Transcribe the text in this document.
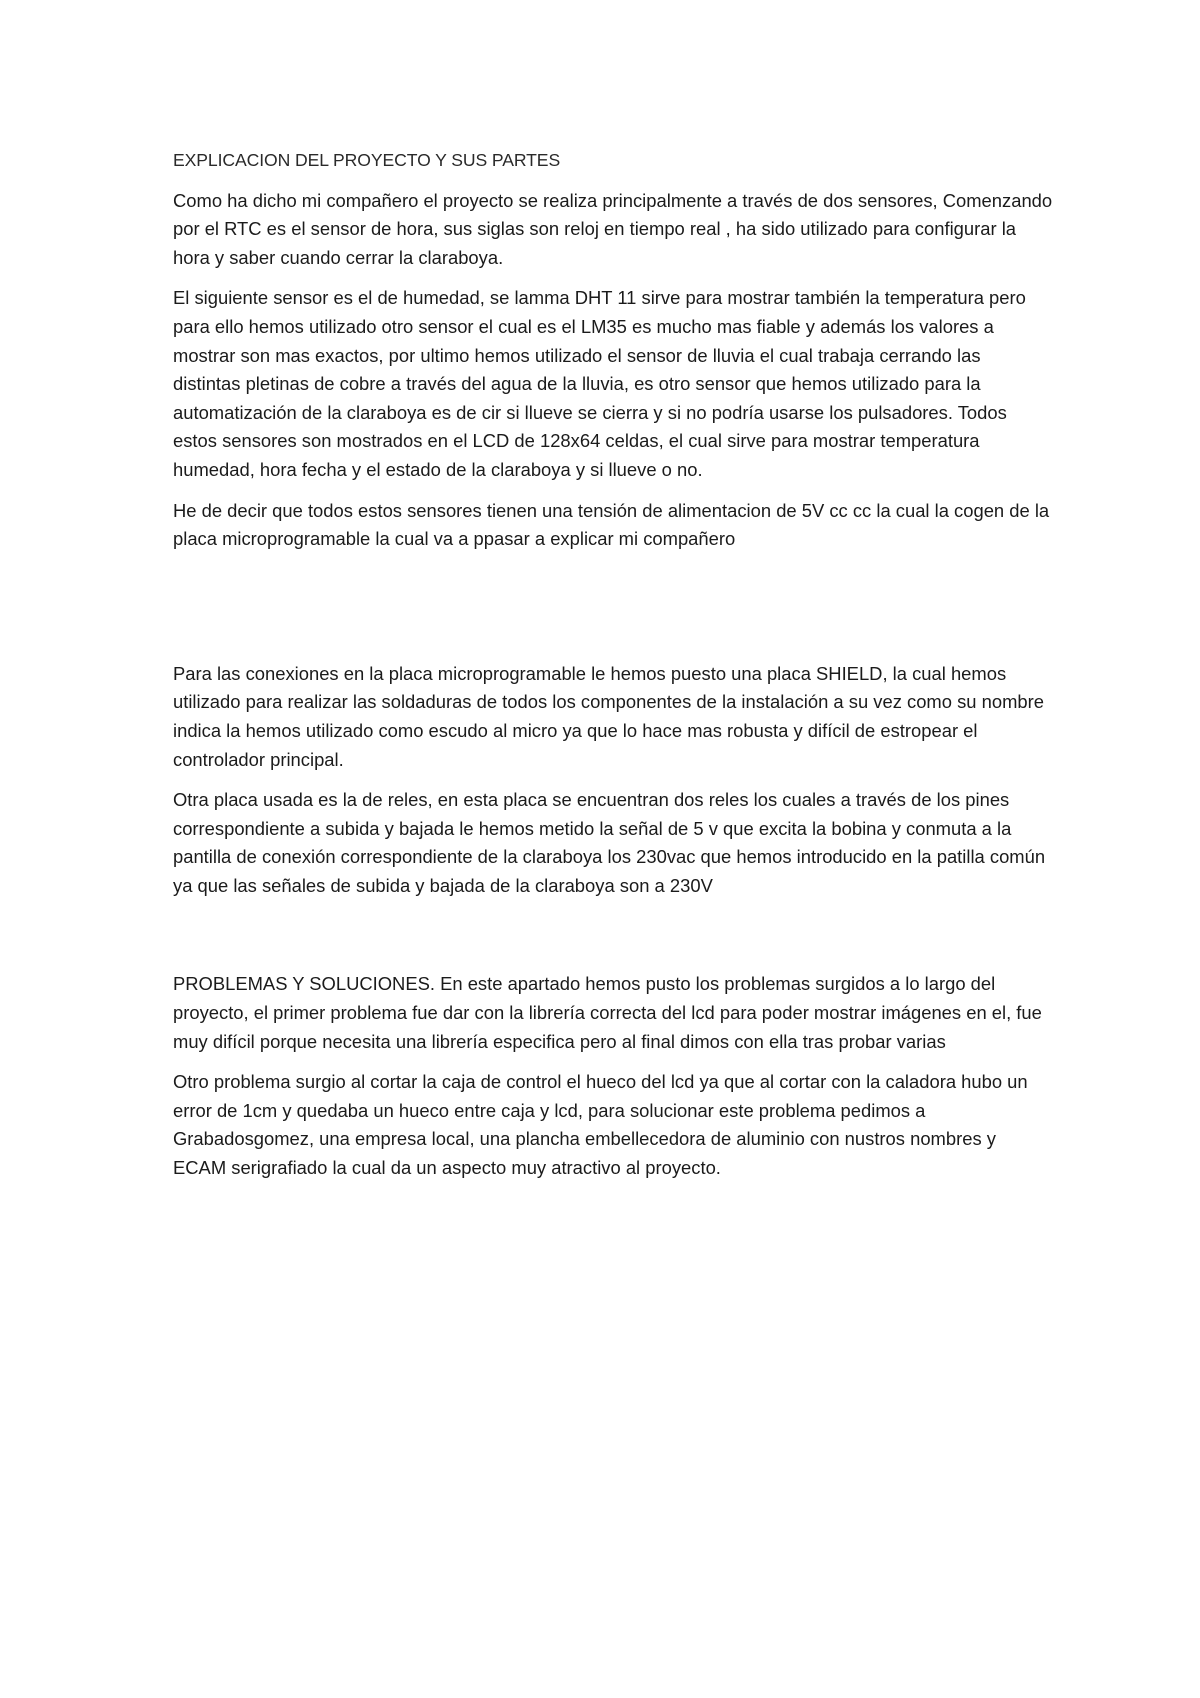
EXPLICACION DEL PROYECTO Y SUS PARTES

Como ha dicho mi compañero el proyecto se realiza principalmente a través de dos sensores, Comenzando por el RTC es el sensor de hora, sus siglas son reloj en tiempo real , ha sido utilizado para configurar la hora y saber cuando cerrar la claraboya.

El siguiente sensor es el de humedad, se lamma DHT 11 sirve para mostrar también la temperatura pero para ello hemos utilizado otro sensor el cual es el LM35 es mucho mas fiable y además los valores a mostrar son mas exactos, por ultimo hemos utilizado el sensor de lluvia el cual trabaja cerrando las distintas pletinas de cobre a través del agua de la lluvia, es otro sensor que hemos utilizado para la automatización de la claraboya es de cir si llueve se cierra y si no podría usarse los pulsadores. Todos estos sensores son mostrados en el LCD de 128x64 celdas, el cual sirve para mostrar temperatura humedad, hora fecha y el estado de la claraboya y si llueve o no.

He de decir que todos estos sensores tienen una tensión de alimentacion de 5V cc cc la cual la cogen de la placa microprogramable la cual va a ppasar a explicar mi compañero

Para las conexiones en la placa microprogramable le hemos puesto una placa SHIELD, la cual hemos utilizado para realizar las soldaduras de todos los componentes de la instalación a su vez como su nombre indica la hemos utilizado como escudo al micro ya que lo hace mas robusta y difícil de estropear el controlador principal.

Otra placa usada es la de reles, en esta placa se encuentran dos reles los cuales a través de los pines correspondiente a subida y bajada le hemos metido la señal de 5 v que excita la bobina y conmuta a la pantilla de conexión correspondiente de la claraboya los 230vac que hemos introducido en la patilla común ya que las señales de subida y bajada de la claraboya son a 230V

PROBLEMAS Y SOLUCIONES. En este apartado hemos pusto los problemas surgidos a lo largo del proyecto, el primer problema fue dar con la librería correcta del lcd para poder mostrar imágenes en el, fue muy difícil porque necesita una librería especifica pero al final dimos con ella tras probar varias

Otro problema surgio al cortar la caja de control el hueco del lcd ya que al cortar con la caladora hubo un error de 1cm y quedaba un hueco entre caja y lcd, para solucionar este problema pedimos a Grabadosgomez, una empresa local, una plancha embellecedora de aluminio con nustros nombres y ECAM serigrafiado la cual da un aspecto muy atractivo al proyecto.
